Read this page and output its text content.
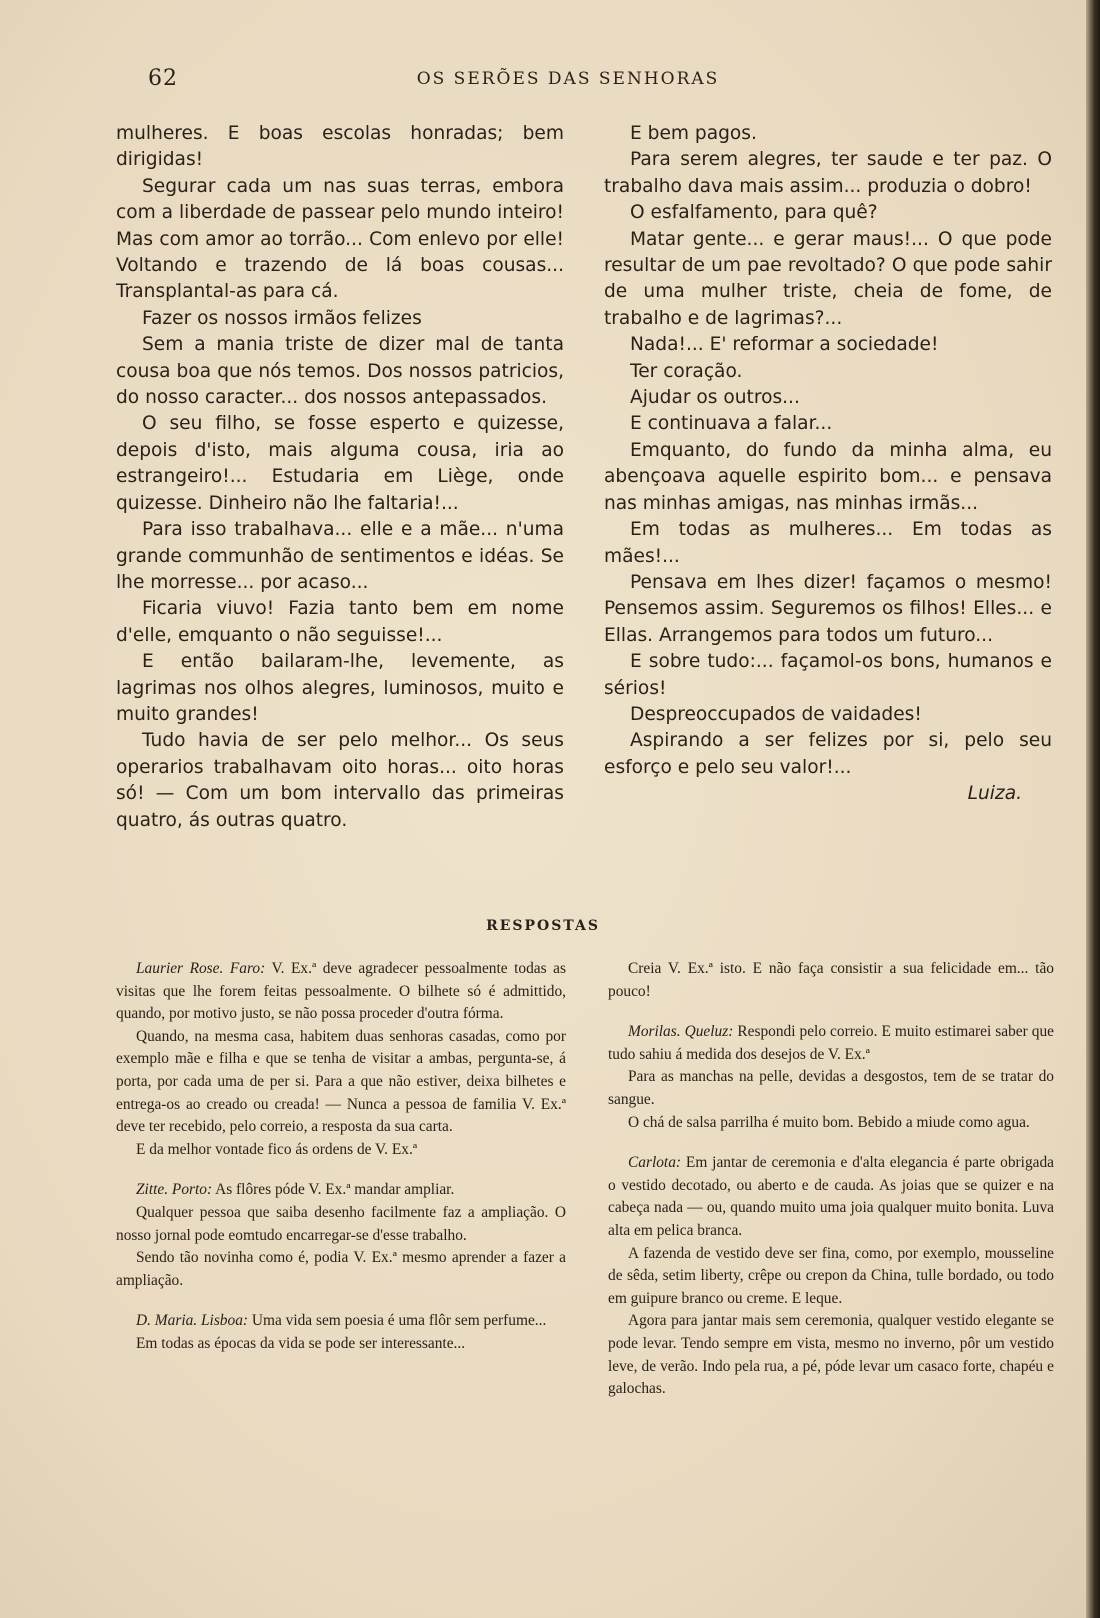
62	OS SERÕES DAS SENHORAS

mulheres. E boas escolas honradas; bem dirigidas!

Segurar cada um nas suas terras, embora com a liberdade de passear pelo mundo inteiro! Mas com amor ao torrão... Com enlevo por elle! Voltando e trazendo de lá boas cousas... Transplantal-as para cá.

Fazer os nossos irmãos felizes

Sem a mania triste de dizer mal de tanta cousa boa que nós temos. Dos nossos patricios, do nosso caracter... dos nossos antepassados.

O seu filho, se fosse esperto e quizesse, depois d'isto, mais alguma cousa, iria ao estrangeiro!... Estudaria em Liège, onde quizesse. Dinheiro não lhe faltaria!...

Para isso trabalhava... elle e a mãe... n'uma grande communhão de sentimentos e idéas. Se lhe morresse... por acaso...

Ficaria viuvo! Fazia tanto bem em nome d'elle, emquanto o não seguisse!...

E então bailaram-lhe, levemente, as lagrimas nos olhos alegres, luminosos, muito e muito grandes!

Tudo havia de ser pelo melhor... Os seus operarios trabalhavam oito horas... oito horas só! — Com um bom intervallo das primeiras quatro, ás outras quatro.

E bem pagos.

Para serem alegres, ter saude e ter paz. O trabalho dava mais assim... produzia o dobro!

O esfalfamento, para quê?

Matar gente... e gerar maus!... O que pode resultar de um pae revoltado? O que pode sahir de uma mulher triste, cheia de fome, de trabalho e de lagrimas?...

Nada!... E' reformar a sociedade!

Ter coração.

Ajudar os outros...

E continuava a falar...

Emquanto, do fundo da minha alma, eu abençoava aquelle espirito bom... e pensava nas minhas amigas, nas minhas irmãs...

Em todas as mulheres... Em todas as mães!...

Pensava em lhes dizer! façamos o mesmo! Pensemos assim. Seguremos os filhos! Elles... e Ellas. Arrangemos para todos um futuro...

E sobre tudo:... façamol-os bons, humanos e sérios!

Despreoccupados de vaidades!

Aspirando a ser felizes por si, pelo seu esforço e pelo seu valor!...

Luiza.

RESPOSTAS

Laurier Rose. Faro: V. Ex.ª deve agradecer pessoalmente todas as visitas que lhe forem feitas pessoalmente. O bilhete só é admittido, quando, por motivo justo, se não possa proceder d'outra fórma.

Quando, na mesma casa, habitem duas senhoras casadas, como por exemplo mãe e filha e que se tenha de visitar a ambas, pergunta-se, á porta, por cada uma de per si. Para a que não estiver, deixa bilhetes e entrega-os ao creado ou creada! — Nunca a pessoa de familia V. Ex.ª deve ter recebido, pelo correio, a resposta da sua carta.

E da melhor vontade fico ás ordens de V. Ex.ª

Zitte. Porto: As flôres póde V. Ex.ª mandar ampliar.

Qualquer pessoa que saiba desenho facilmente faz a ampliação. O nosso jornal pode eomtudo encarregar-se d'esse trabalho.

Sendo tão novinha como é, podia V. Ex.ª mesmo aprender a fazer a ampliação.

D. Maria. Lisboa: Uma vida sem poesia é uma flôr sem perfume...

Em todas as épocas da vida se pode ser interessante...

Creia V. Ex.ª isto. E não faça consistir a sua felicidade em... tão pouco!

Morilas. Queluz: Respondi pelo correio. E muito estimarei saber que tudo sahiu á medida dos desejos de V. Ex.ª

Para as manchas na pelle, devidas a desgostos, tem de se tratar do sangue.

O chá de salsa parrilha é muito bom. Bebido a miude como agua.

Carlota: Em jantar de ceremonia e d'alta elegancia é parte obrigada o vestido decotado, ou aberto e de cauda. As joias que se quizer e na cabeça nada — ou, quando muito uma joia qualquer muito bonita. Luva alta em pelica branca.

A fazenda de vestido deve ser fina, como, por exemplo, mousseline de sêda, setim liberty, crêpe ou crepon da China, tulle bordado, ou todo em guipure branco ou creme. E leque.

Agora para jantar mais sem ceremonia, qualquer vestido elegante se pode levar. Tendo sempre em vista, mesmo no inverno, pôr um vestido leve, de verão. Indo pela rua, a pé, póde levar um casaco forte, chapéu e galochas.
